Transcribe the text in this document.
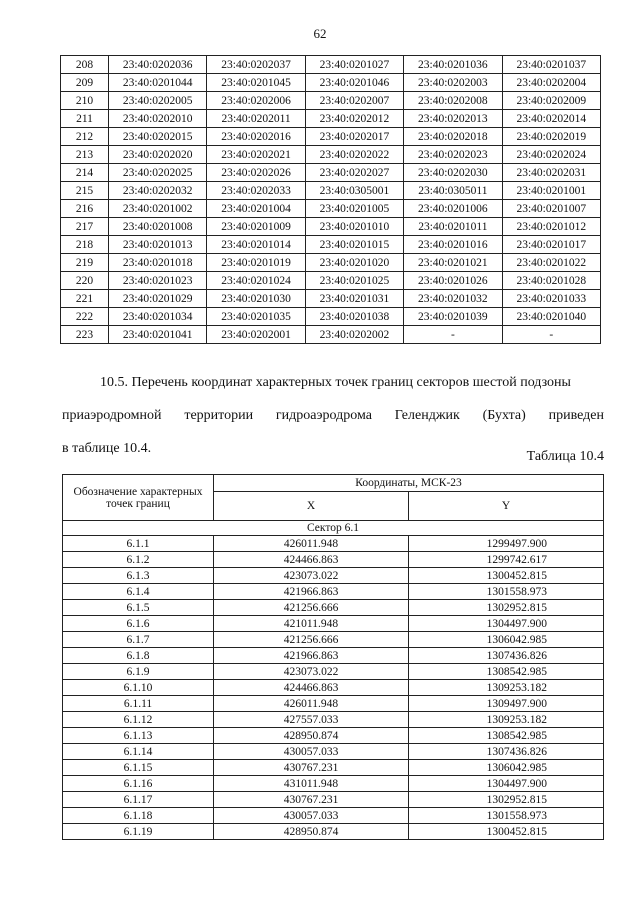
62
208	23:40:0202036	23:40:0202037	23:40:0201027	23:40:0201036	23:40:0201037
209	23:40:0201044	23:40:0201045	23:40:0201046	23:40:0202003	23:40:0202004
210	23:40:0202005	23:40:0202006	23:40:0202007	23:40:0202008	23:40:0202009
211	23:40:0202010	23:40:0202011	23:40:0202012	23:40:0202013	23:40:0202014
212	23:40:0202015	23:40:0202016	23:40:0202017	23:40:0202018	23:40:0202019
213	23:40:0202020	23:40:0202021	23:40:0202022	23:40:0202023	23:40:0202024
214	23:40:0202025	23:40:0202026	23:40:0202027	23:40:0202030	23:40:0202031
215	23:40:0202032	23:40:0202033	23:40:0305001	23:40:0305011	23:40:0201001
216	23:40:0201002	23:40:0201004	23:40:0201005	23:40:0201006	23:40:0201007
217	23:40:0201008	23:40:0201009	23:40:0201010	23:40:0201011	23:40:0201012
218	23:40:0201013	23:40:0201014	23:40:0201015	23:40:0201016	23:40:0201017
219	23:40:0201018	23:40:0201019	23:40:0201020	23:40:0201021	23:40:0201022
220	23:40:0201023	23:40:0201024	23:40:0201025	23:40:0201026	23:40:0201028
221	23:40:0201029	23:40:0201030	23:40:0201031	23:40:0201032	23:40:0201033
222	23:40:0201034	23:40:0201035	23:40:0201038	23:40:0201039	23:40:0201040
223	23:40:0201041	23:40:0202001	23:40:0202002	-	-
10.5. Перечень координат характерных точек границ секторов шестой подзоны
приаэродромной территории гидроаэродрома Геленджик (Бухта) приведен
в таблице 10.4.
Таблица 10.4
Обозначение характерных точек границ	Координаты, МСК-23	
	X	Y
Сектор 6.1		
6.1.1	426011.948	1299497.900
6.1.2	424466.863	1299742.617
6.1.3	423073.022	1300452.815
6.1.4	421966.863	1301558.973
6.1.5	421256.666	1302952.815
6.1.6	421011.948	1304497.900
6.1.7	421256.666	1306042.985
6.1.8	421966.863	1307436.826
6.1.9	423073.022	1308542.985
6.1.10	424466.863	1309253.182
6.1.11	426011.948	1309497.900
6.1.12	427557.033	1309253.182
6.1.13	428950.874	1308542.985
6.1.14	430057.033	1307436.826
6.1.15	430767.231	1306042.985
6.1.16	431011.948	1304497.900
6.1.17	430767.231	1302952.815
6.1.18	430057.033	1301558.973
6.1.19	428950.874	1300452.815
